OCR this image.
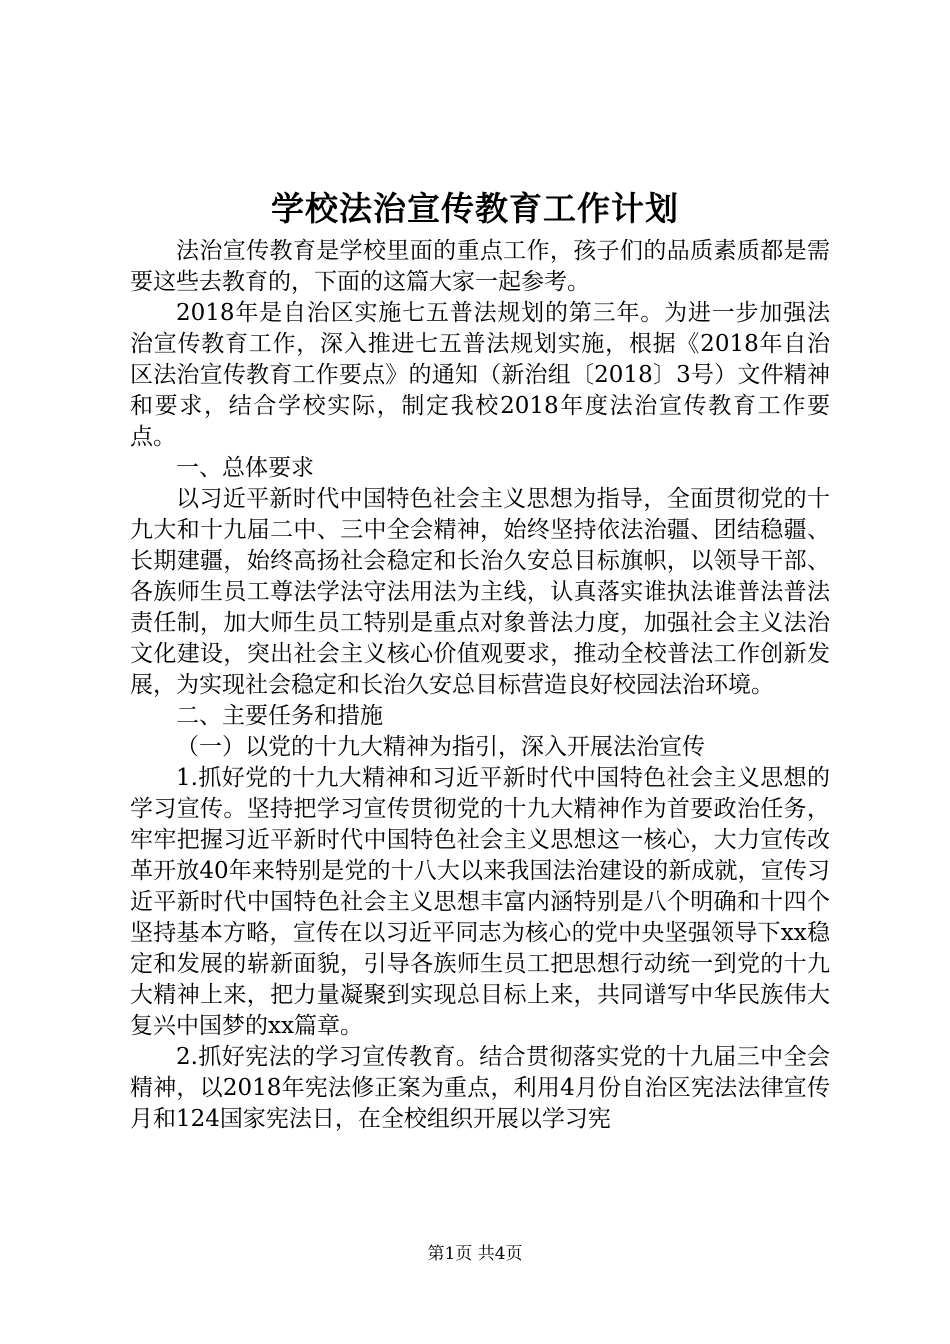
学校法治宣传教育工作计划

法治宣传教育是学校里面的重点工作，孩子们的品质素质都是需要这些去教育的，下面的这篇大家一起参考。

2018年是自治区实施七五普法规划的第三年。为进一步加强法治宣传教育工作，深入推进七五普法规划实施，根据《2018年自治区法治宣传教育工作要点》的通知（新治组〔2018〕3号）文件精神和要求，结合学校实际，制定我校2018年度法治宣传教育工作要点。

一、总体要求

以习近平新时代中国特色社会主义思想为指导，全面贯彻党的十九大和十九届二中、三中全会精神，始终坚持依法治疆、团结稳疆、长期建疆，始终高扬社会稳定和长治久安总目标旗帜，以领导干部、各族师生员工尊法学法守法用法为主线，认真落实谁执法谁普法普法责任制，加大师生员工特别是重点对象普法力度，加强社会主义法治文化建设，突出社会主义核心价值观要求，推动全校普法工作创新发展，为实现社会稳定和长治久安总目标营造良好校园法治环境。

二、主要任务和措施

（一）以党的十九大精神为指引，深入开展法治宣传

1.抓好党的十九大精神和习近平新时代中国特色社会主义思想的学习宣传。坚持把学习宣传贯彻党的十九大精神作为首要政治任务，牢牢把握习近平新时代中国特色社会主义思想这一核心，大力宣传改革开放40年来特别是党的十八大以来我国法治建设的新成就，宣传习近平新时代中国特色社会主义思想丰富内涵特别是八个明确和十四个坚持基本方略，宣传在以习近平同志为核心的党中央坚强领导下xx稳定和发展的崭新面貌，引导各族师生员工把思想行动统一到党的十九大精神上来，把力量凝聚到实现总目标上来，共同谱写中华民族伟大复兴中国梦的xx篇章。

2.抓好宪法的学习宣传教育。结合贯彻落实党的十九届三中全会精神，以2018年宪法修正案为重点，利用4月份自治区宪法法律宣传月和124国家宪法日，在全校组织开展以学习宪

第1页 共4页
